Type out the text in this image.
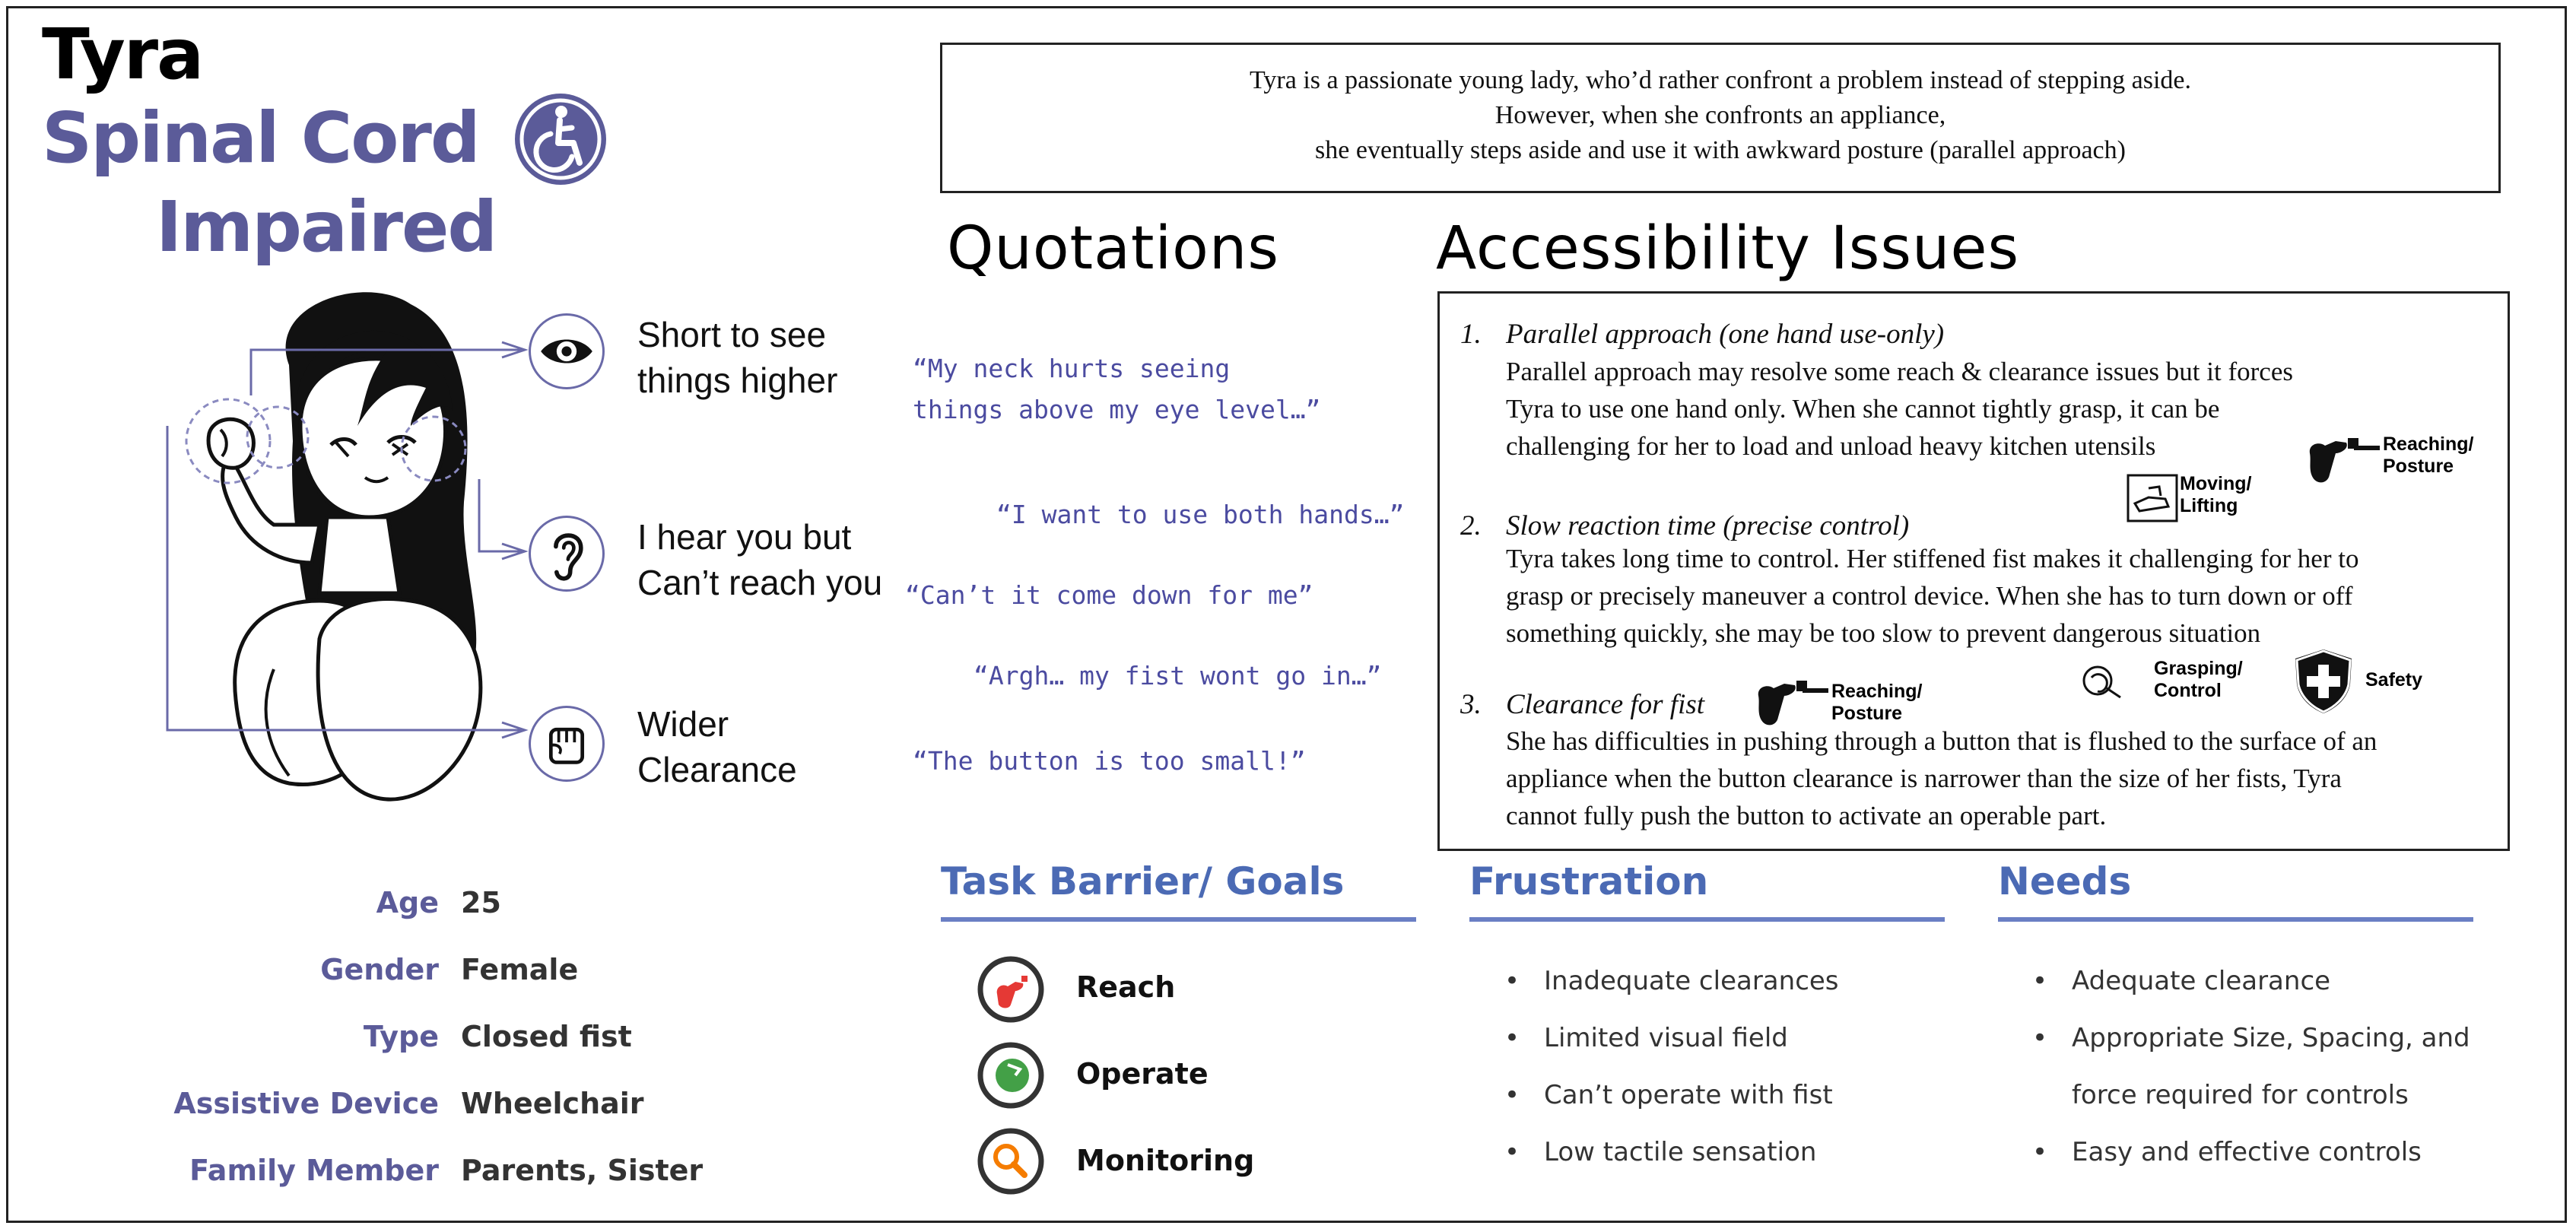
Tyra
Spinal Cord
Impaired
Short to see
things higher
I hear you but
Can’t reach you
Wider
Clearance
Age 25
Gender Female
Type Closed fist
Assistive Device Wheelchair
Family Member Parents, Sister
Tyra is a passionate young lady, who’d rather confront a problem instead of stepping aside.
However, when she confronts an appliance,
she eventually steps aside and use it with awkward posture (parallel approach)
Quotations	Accessibility Issues
“My neck hurts seeing
things above my eye level…”
“I want to use both hands…”
“Can’t it come down for me”
“Argh… my fist wont go in…”
“The button is too small!”
1. Parallel approach (one hand use-only)
Parallel approach may resolve some reach & clearance issues but it forces
Tyra to use one hand only. When she cannot tightly grasp, it can be
challenging for her to load and unload heavy kitchen utensils	Reaching/
Posture
Moving/
Lifting
2. Slow reaction time (precise control)
Tyra takes long time to control. Her stiffened fist makes it challenging for her to
grasp or precisely maneuver a control device. When she has to turn down or off
something quickly, she may be too slow to prevent dangerous situation
3. Clearance for fist	Reaching/
Posture
Grasping/
Control	Safety
She has difficulties in pushing through a button that is flushed to the surface of an
appliance when the button clearance is narrower than the size of her fists, Tyra
cannot fully push the button to activate an operable part.
Task Barrier/ Goals
Reach
Operate
Monitoring
Frustration
• Inadequate clearances
• Limited visual field
• Can’t operate with fist
• Low tactile sensation
Needs
• Adequate clearance
• Appropriate Size, Spacing, and
force required for controls
• Easy and effective controls
